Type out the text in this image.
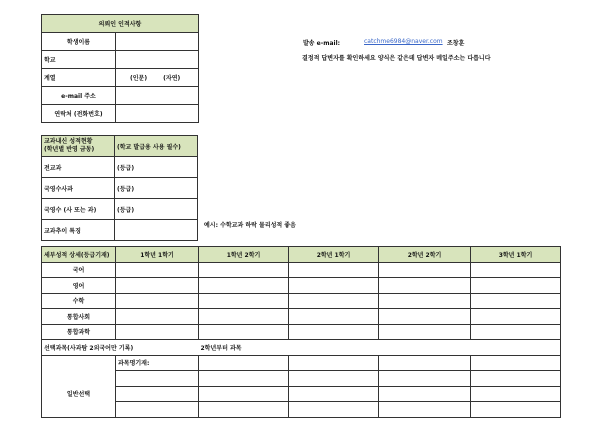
의뢰인 인적사항	
학생이름	
학교	
계열	(인문) (자연)
e-mail 주소	
연락처 (전화번호)	
발송 e-mail:	catchme6984@naver.com 조창훈
결정적 답변자를 확인하세요 양식은 같은데 답변자 메일주소는 다릅니다
교과내신 성적현황
(학년별 반영 금동)	(학교 발급용 사용 필수)
전교과	(등급)
국영수사과	(등급)
국영수 (사 또는 과)	(등급)
교과추이 특징	
예시: 수학교과 하락 물리성적 좋음
세부성적 상세(등급기재)	1학년 1학기	1학년 2학기	2학년 1학기	2학년 2학기	3학년 1학기
국어					
영어					
수학					
통합사회					
통합과학					
선택과목(사과탐 2외국어만 기록)		2학년부터 과목			
일반선택	과목명기재:				
